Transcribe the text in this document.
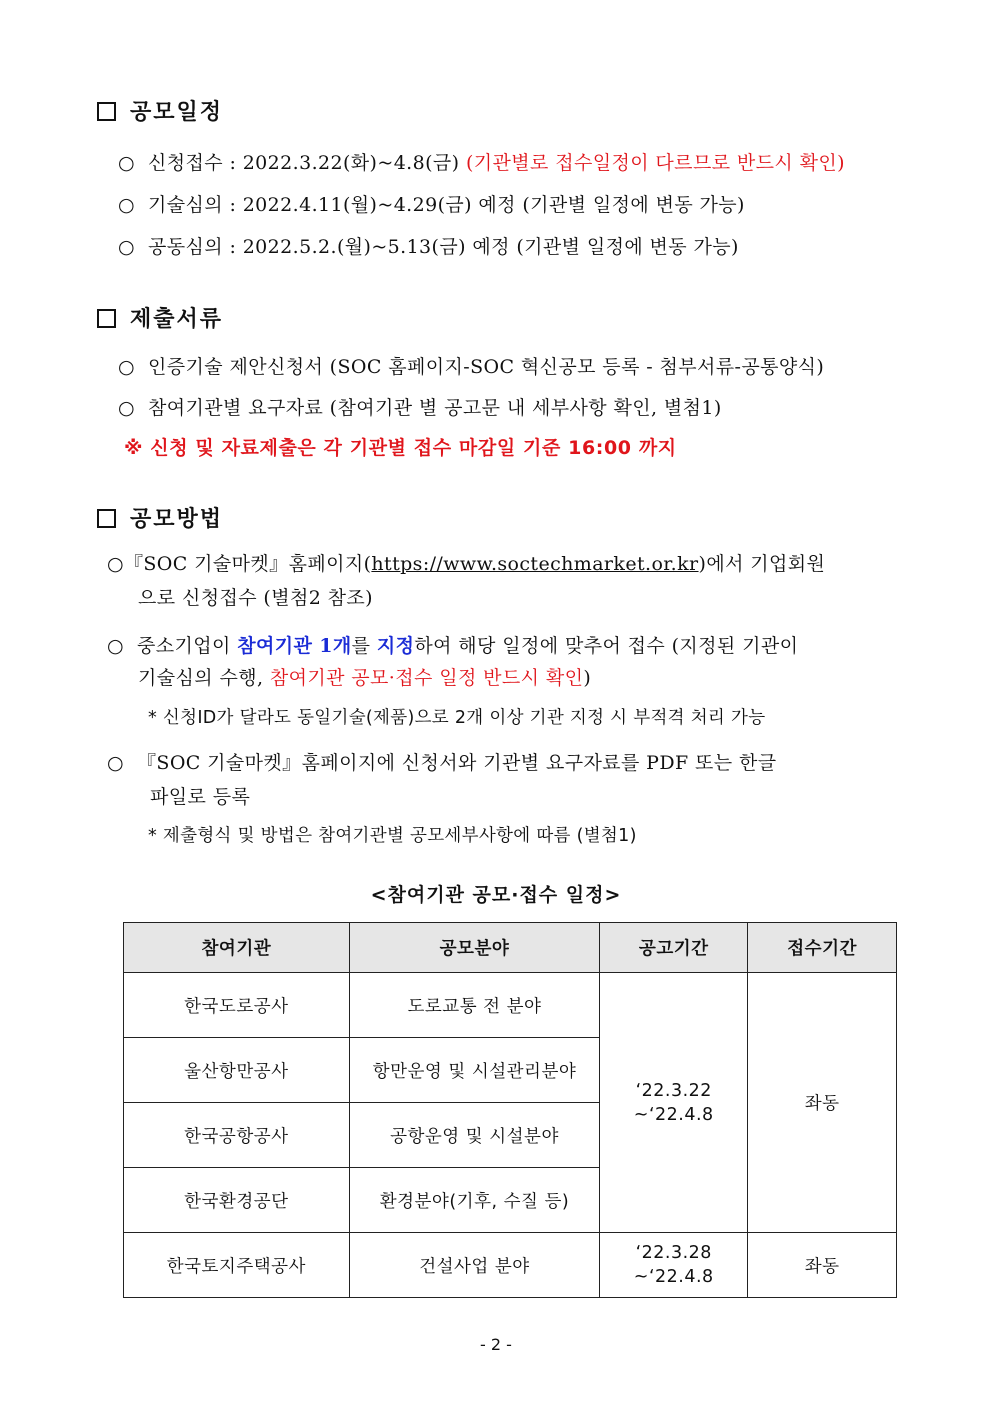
공모일정
○ 신청접수 : 2022.3.22(화)~4.8(금) (기관별로 접수일정이 다르므로 반드시 확인)
○ 기술심의 : 2022.4.11(월)~4.29(금) 예정 (기관별 일정에 변동 가능)
○ 공동심의 : 2022.5.2.(월)~5.13(금) 예정 (기관별 일정에 변동 가능)
제출서류
○ 인증기술 제안신청서 (SOC 홈페이지-SOC 혁신공모 등록 - 첨부서류-공통양식)
○ 참여기관별 요구자료 (참여기관 별 공고문 내 세부사항 확인, 별첨1)
※ 신청 및 자료제출은 각 기관별 접수 마감일 기준 16:00 까지
공모방법
○『SOC 기술마켓』홈페이지(https://www.soctechmarket.or.kr)에서 기업회원
으로 신청접수 (별첨2 참조)
○ 중소기업이 참여기관 1개를 지정하여 해당 일정에 맞추어 접수 (지정된 기관이
기술심의 수행, 참여기관 공모·접수 일정 반드시 확인)
* 신청ID가 달라도 동일기술(제품)으로 2개 이상 기관 지정 시 부적격 처리 가능
○ 『SOC 기술마켓』홈페이지에 신청서와 기관별 요구자료를 PDF 또는 한글
파일로 등록
* 제출형식 및 방법은 참여기관별 공모세부사항에 따름 (별첨1)
<참여기관 공모·접수 일정>
참여기관	공모분야	공고기간	접수기간
한국도로공사	도로교통 전 분야	‘22.3.22
~‘22.4.8	좌동
울산항만공사	항만운영 및 시설관리분야		
한국공항공사	공항운영 및 시설분야		
한국환경공단	환경분야(기후, 수질 등)		
한국토지주택공사	건설사업 분야	‘22.3.28
~‘22.4.8	좌동
- 2 -
